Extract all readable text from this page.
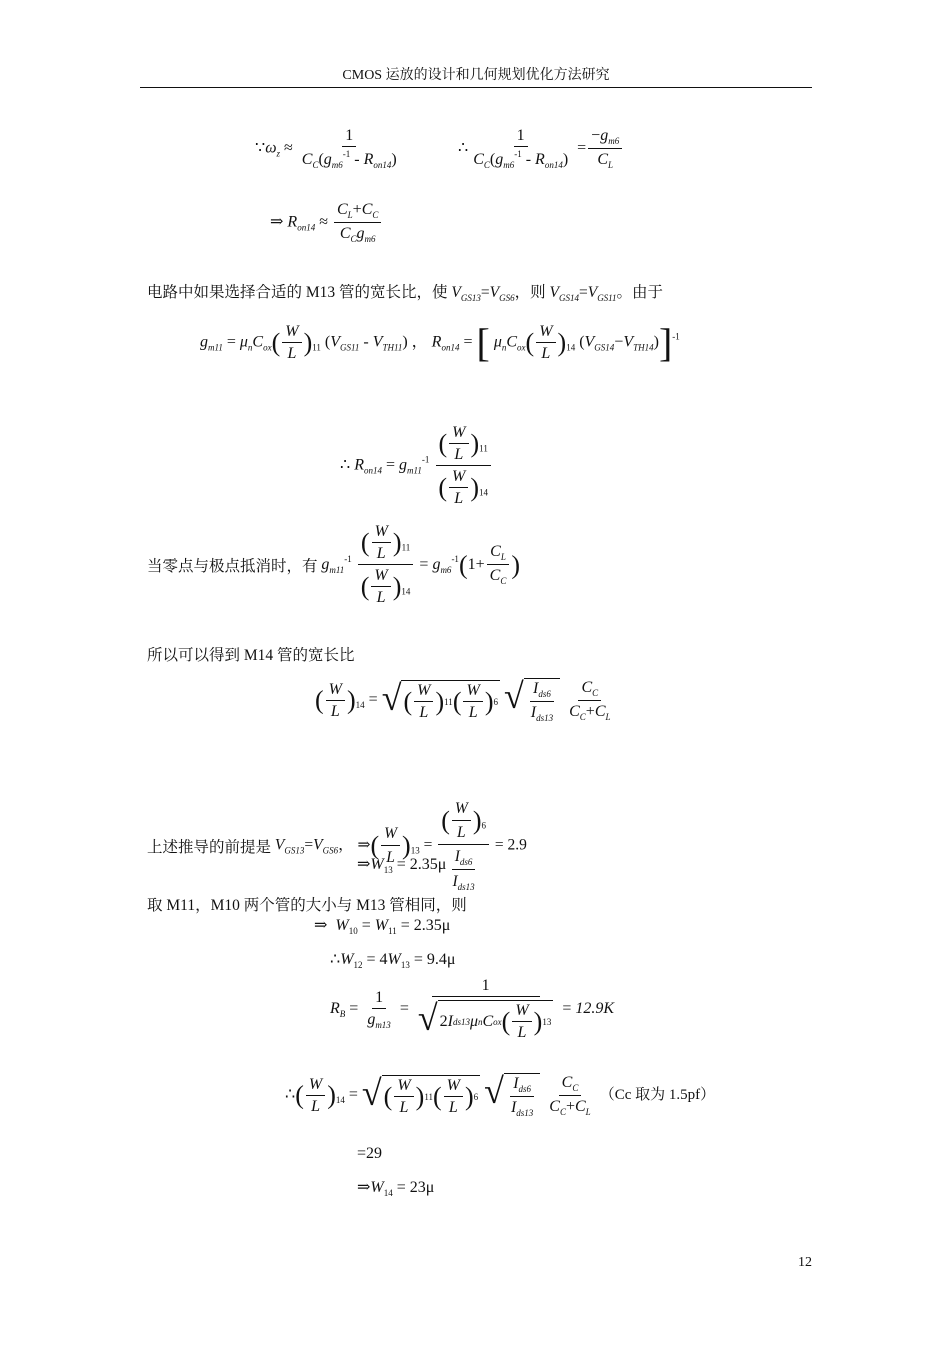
CMOS 运放的设计和几何规划优化方法研究
$\because\omega_z \approx \frac{1}{C_C(g_{m6}^{-1} - R_{on14})}$	∴ $\frac{1}{C_C(g_{m6}^{-1} - R_{on14})} = \frac{-g_{m6}}{C_L}$
⇒ $R_{on14} \approx \frac{C_L+C_C}{C_Cg_{m6}}$
电路中如果选择合适的 M13 管的宽长比，使 $V_{GS13}=V_{GS6}$，则 $V_{GS14}=V_{GS11}$。由于
$g_{m11} = \mu_nC_{ox}( \frac{W}{L} )_{11}$ $(V_{GS11} - V_{TH11})$ ， $R_{on14}$ = [ $\mu_nC_{ox}( \frac{W}{L} )_{14}$ $(V_{GS14}-V_{TH14})]^{-1}$
∴ $R_{on14} = g_{m11}^{-1} \frac{( \frac{W}{L} )_{11}}{( \frac{W}{L} )_{14}}$
当零点与极点抵消时，有 $g_{m11}^{-1} \frac{( \frac{W}{L} )_{11}}{( \frac{W}{L} )_{14}} = g_{m6}^{-1}(1+ \frac{C_L}{C_C}$ )
所以可以得到 M14 管的宽长比
( $\frac{W}{L} )_{14}$ = √ ( $\frac{W}{L}$ ) 11 ( $\frac{W}{L}$ ) 6
√ $\frac{I_{ds6}}{I_{ds13}}$
$\frac{C_C}{C_C+C_L}$
上述推导的前提是 $V_{GS13}=V_{GS6}$， ⇒( $\frac{W}{L} )_{13} = \frac{( \frac{W}{L} )_6}{\frac{I_{ds6}}{I_{ds13}}} = 2.9$
$\Rightarrow W_{13} = 2.35\mu$
取 M11，M10 两个管的大小与 M13 管相同，则
⇒  $W_{10} = W_{11} = 2.35\mu$
$\therefore W_{12} = 4W_{13} = 9.4\mu$
$R_B = \frac{1}{g_{m13}} = \frac{1}{√ 2 I ds13 \mu n C ox ( \frac{W}{L} ) 13} = 12.9K$
∴( $\frac{W}{L} )_{14}$ = √ ( $\frac{W}{L}$ ) 11 ( $\frac{W}{L}$ ) 6
√ $\frac{I_{ds6}}{I_{ds13}}$
$\frac{C_C}{C_C+C_L} (Cc$ 取为 1.5pf）
=29
$\Rightarrow W_{14} = 23\mu$
12
